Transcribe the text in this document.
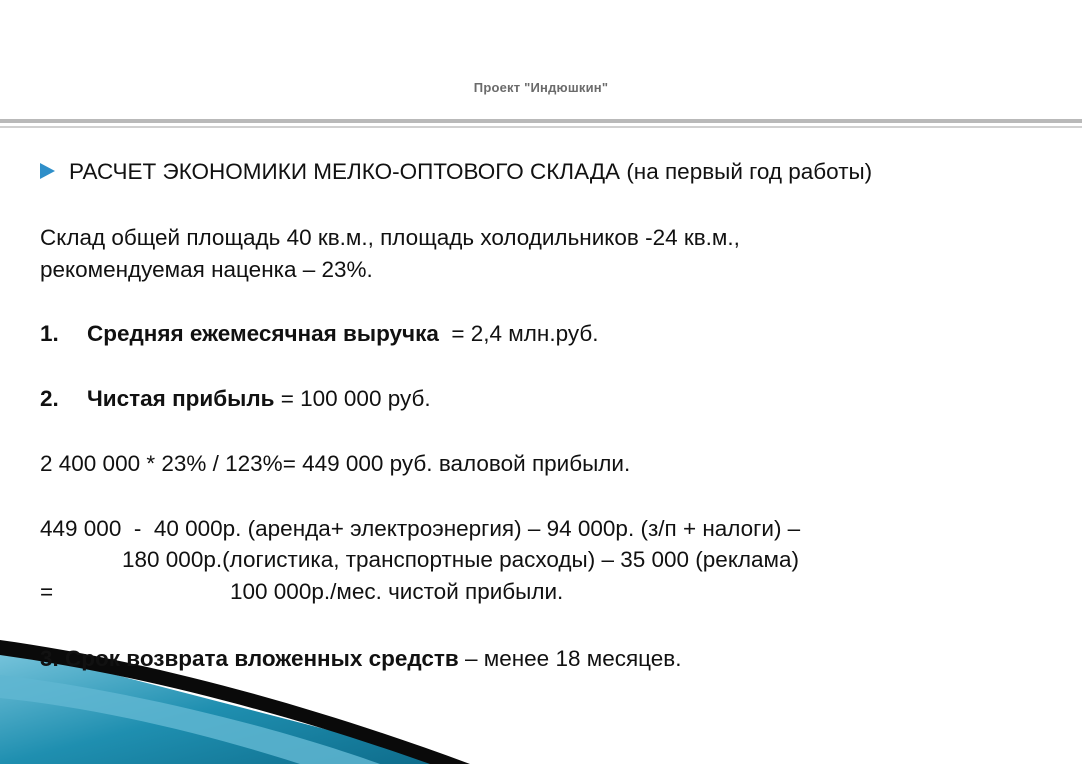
Проект "Индюшкин"
РАСЧЕТ ЭКОНОМИКИ МЕЛКО-ОПТОВОГО СКЛАДА (на первый год работы)
Склад общей площадь 40 кв.м., площадь холодильников -24 кв.м.,
рекомендуемая наценка – 23%.
1. Средняя ежемесячная выручка  = 2,4 млн.руб.
2. Чистая прибыль = 100 000 руб.
2 400 000 * 23% / 123%= 449 000 руб. валовой прибыли.
449 000  -  40 000р. (аренда+ электроэнергия) – 94 000р. (з/п + налоги) –
180 000р.(логистика, транспортные расходы) – 35 000 (реклама)
=	100 000р./мес. чистой прибыли.
3. Срок возврата вложенных средств – менее 18 месяцев.
